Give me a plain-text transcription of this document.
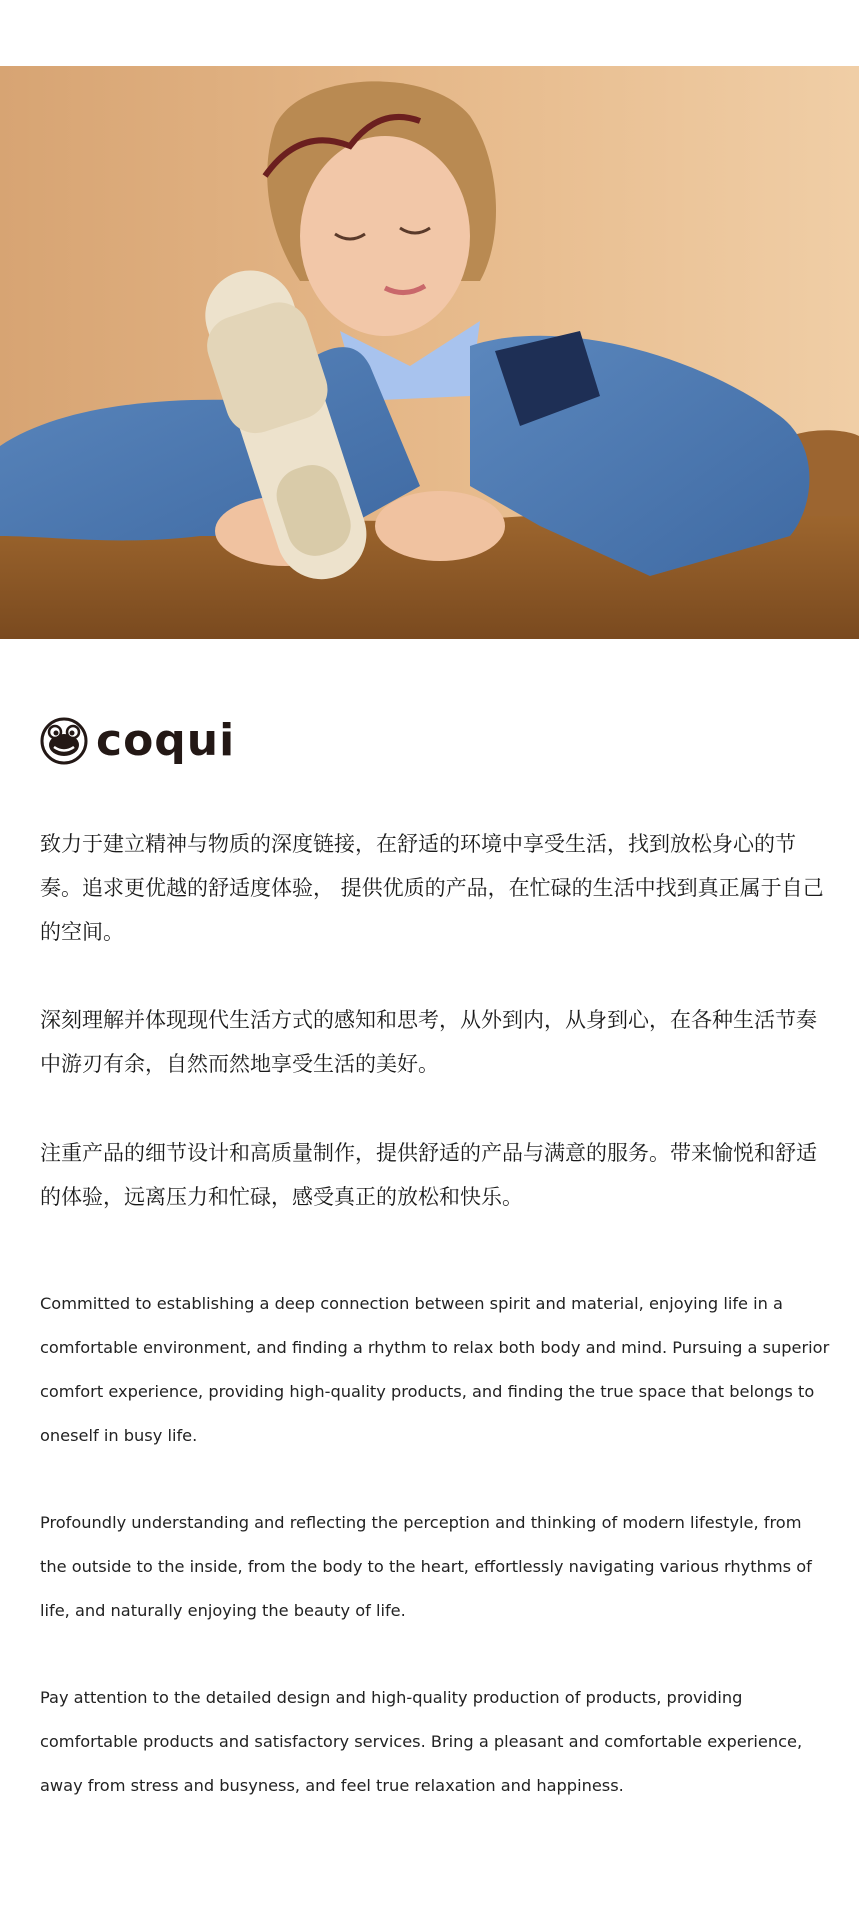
coqui

致力于建立精神与物质的深度链接，在舒适的环境中享受生活，找到放松身心的节奏。追求更优越的舒适度体验， 提供优质的产品，在忙碌的生活中找到真正属于自己的空间。

深刻理解并体现现代生活方式的感知和思考，从外到内，从身到心，在各种生活节奏中游刃有余，自然而然地享受生活的美好。

注重产品的细节设计和高质量制作，提供舒适的产品与满意的服务。带来愉悦和舒适的体验，远离压力和忙碌，感受真正的放松和快乐。

Committed to establishing a deep connection between spirit and material, enjoying life in a comfortable environment, and finding a rhythm to relax both body and mind. Pursuing a superior comfort experience, providing high-quality products, and finding the true space that belongs to oneself in busy life.

Profoundly understanding and reflecting the perception and thinking of modern lifestyle, from the outside to the inside, from the body to the heart, effortlessly navigating various rhythms of life, and naturally enjoying the beauty of life.

Pay attention to the detailed design and high-quality production of products, providing comfortable products and satisfactory services. Bring a pleasant and comfortable experience, away from stress and busyness, and feel true relaxation and happiness.
